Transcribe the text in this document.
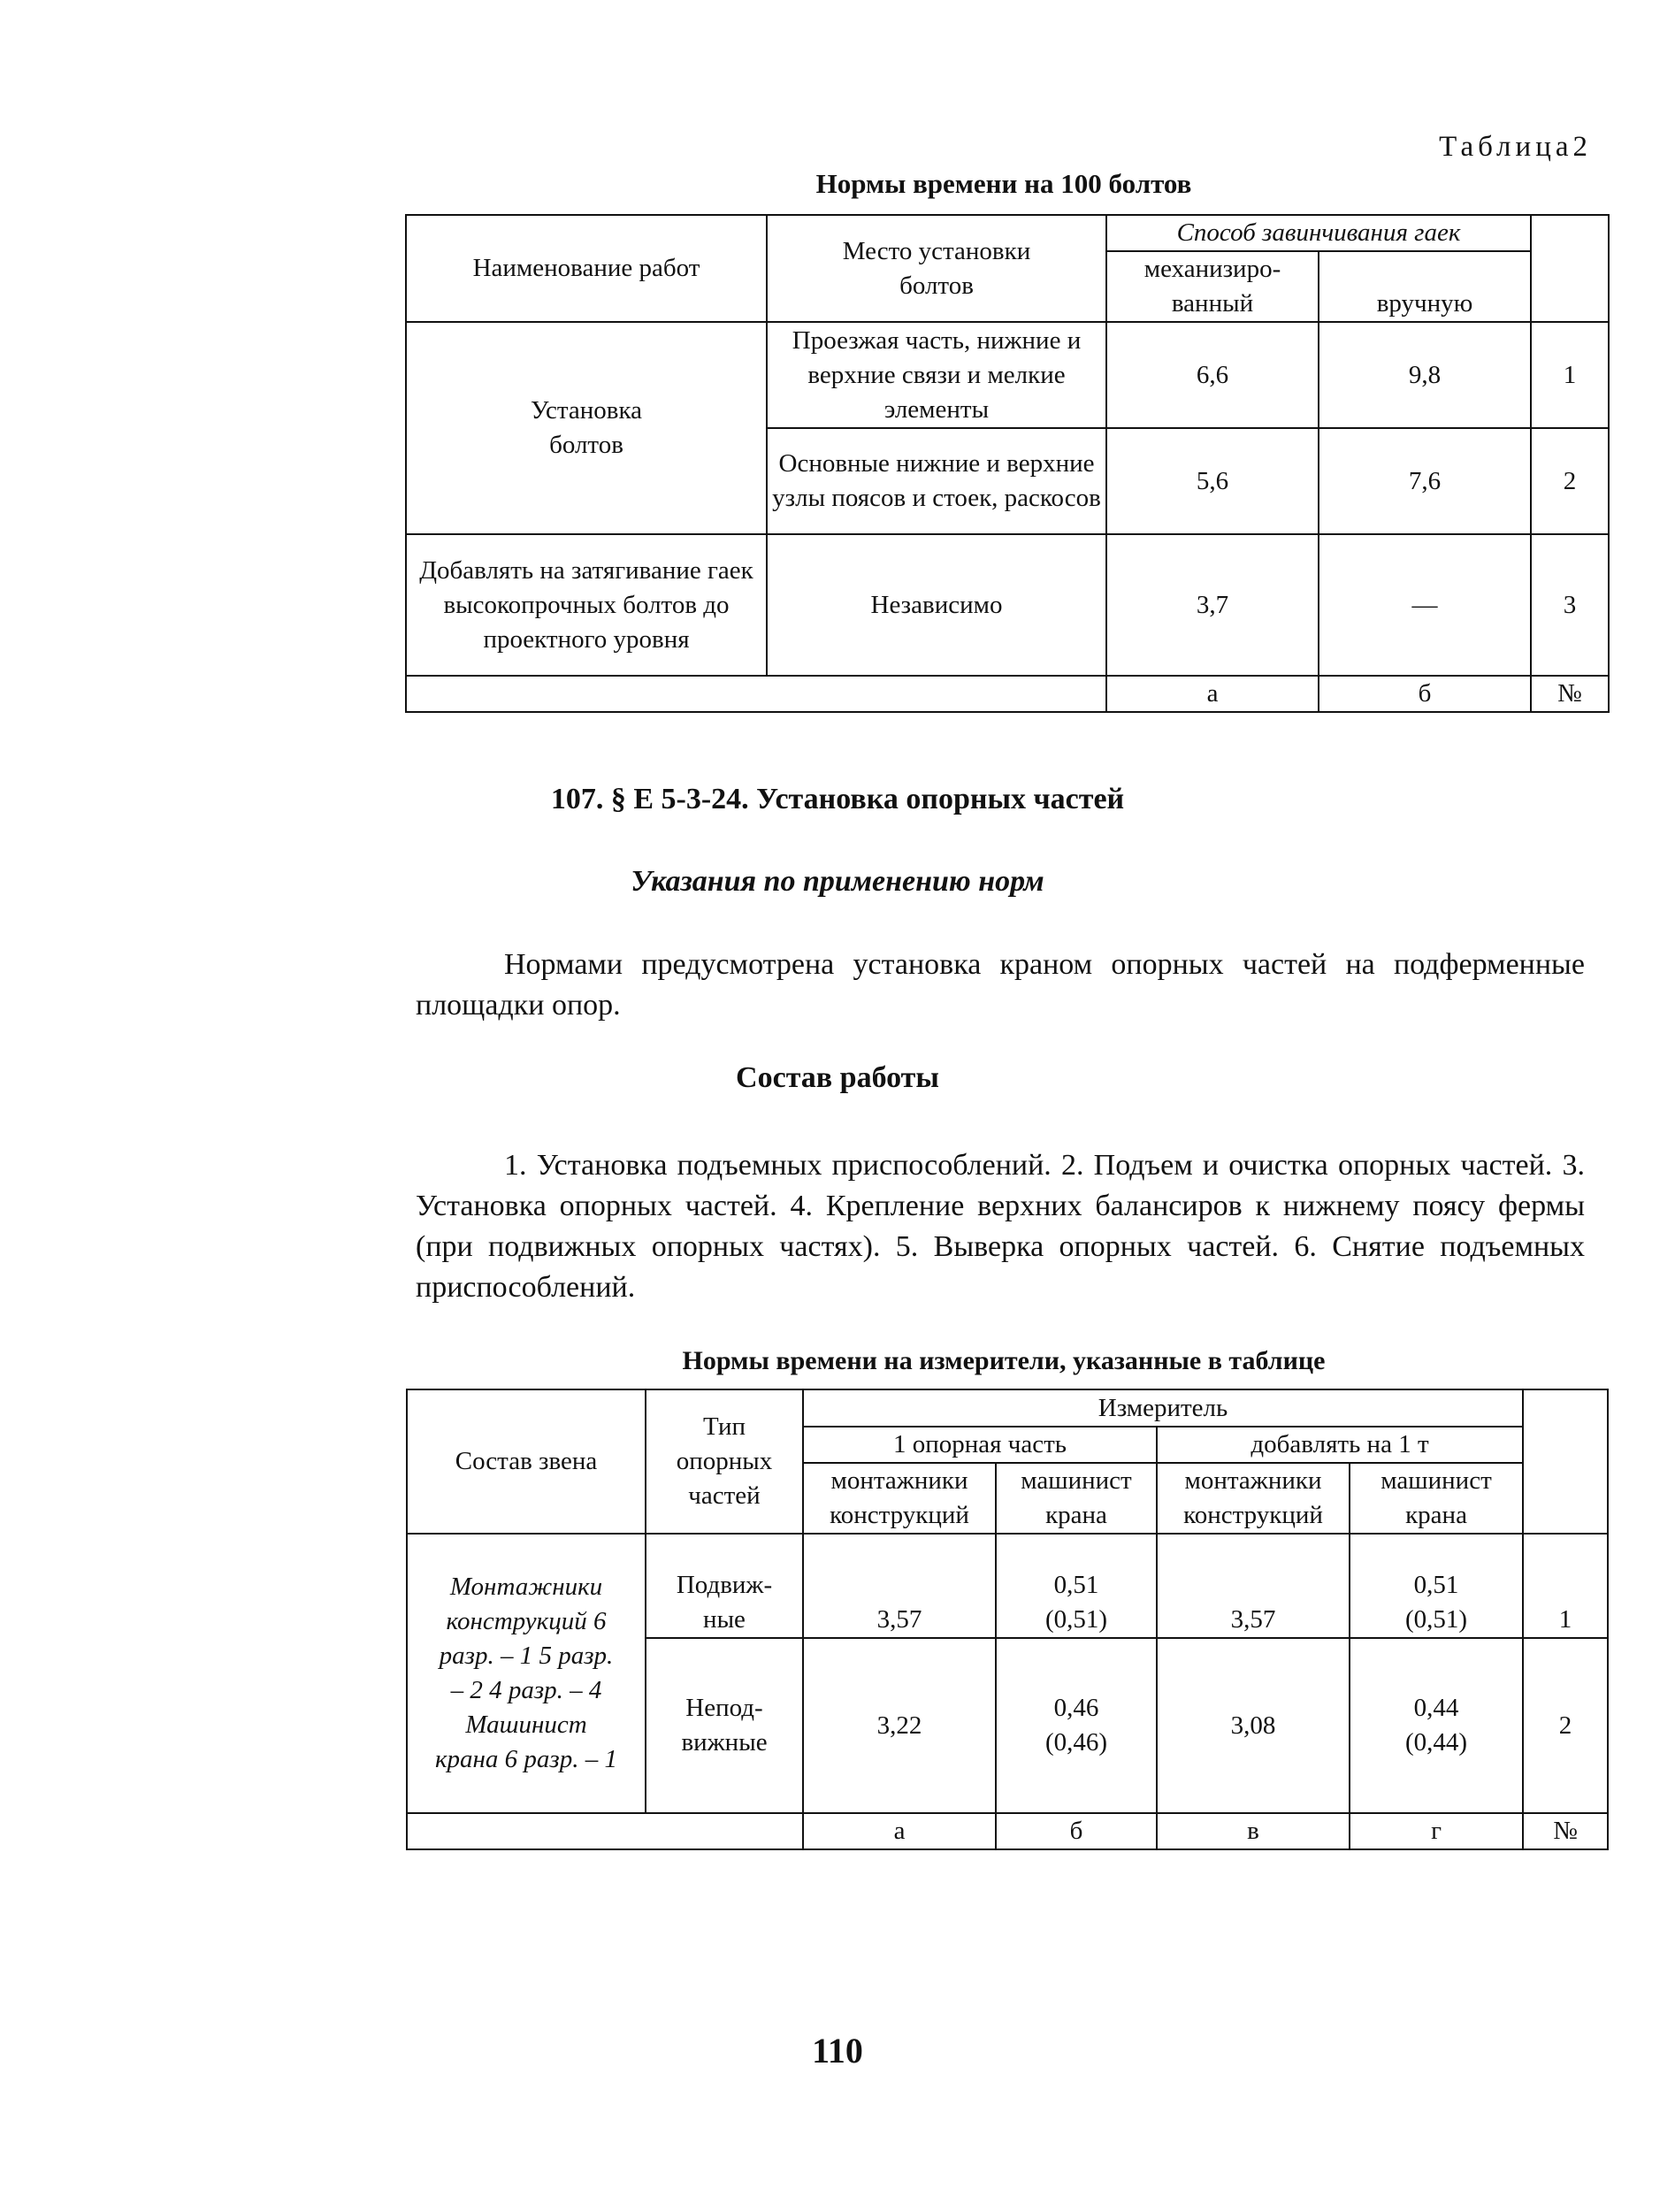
Таблица2
Нормы времени на 100 болтов
Наименование работ	Место установки болтов	Способ завинчивания гаек		
		механизиро-ванный	вручную	
Установка болтов	Проезжая часть, нижние и верхние связи и мелкие элементы	6,6	9,8	1
	Основные нижние и верхние узлы поясов и стоек, раскосов	5,6	7,6	2
Добавлять на затягивание гаек высокопрочных болтов до проектного уровня	Независимо	3,7	—	3
		а	б	№
107. § Е 5-3-24. Установка опорных частей
Указания по применению норм
Нормами предусмотрена установка краном опорных частей на подферменные площадки опор.
Состав работы
1. Установка подъемных приспособлений. 2. Подъем и очистка опорных частей. 3. Установка опорных частей. 4. Крепление верхних балансиров к нижнему поясу фермы (при подвижных опорных частях). 5. Выверка опорных частей. 6. Снятие подъемных приспособлений.
Нормы времени на измерители, указанные в таблице
Состав звена	Тип опорных частей	Измеритель				
		1 опорная часть		добавлять на 1 т		
		монтажники конструкций	машинист крана	монтажники конструкций	машинист крана	
Монтажники конструкций 6 разр. – 1 5 разр. – 2 4 разр. – 4 Машинист крана 6 разр. – 1	Подвиж-ные	3,57	0,51 (0,51)	3,57	0,51 (0,51)	1
	Непод-вижные	3,22	0,46 (0,46)	3,08	0,44 (0,44)	2
		а	б	в	г	№
110
